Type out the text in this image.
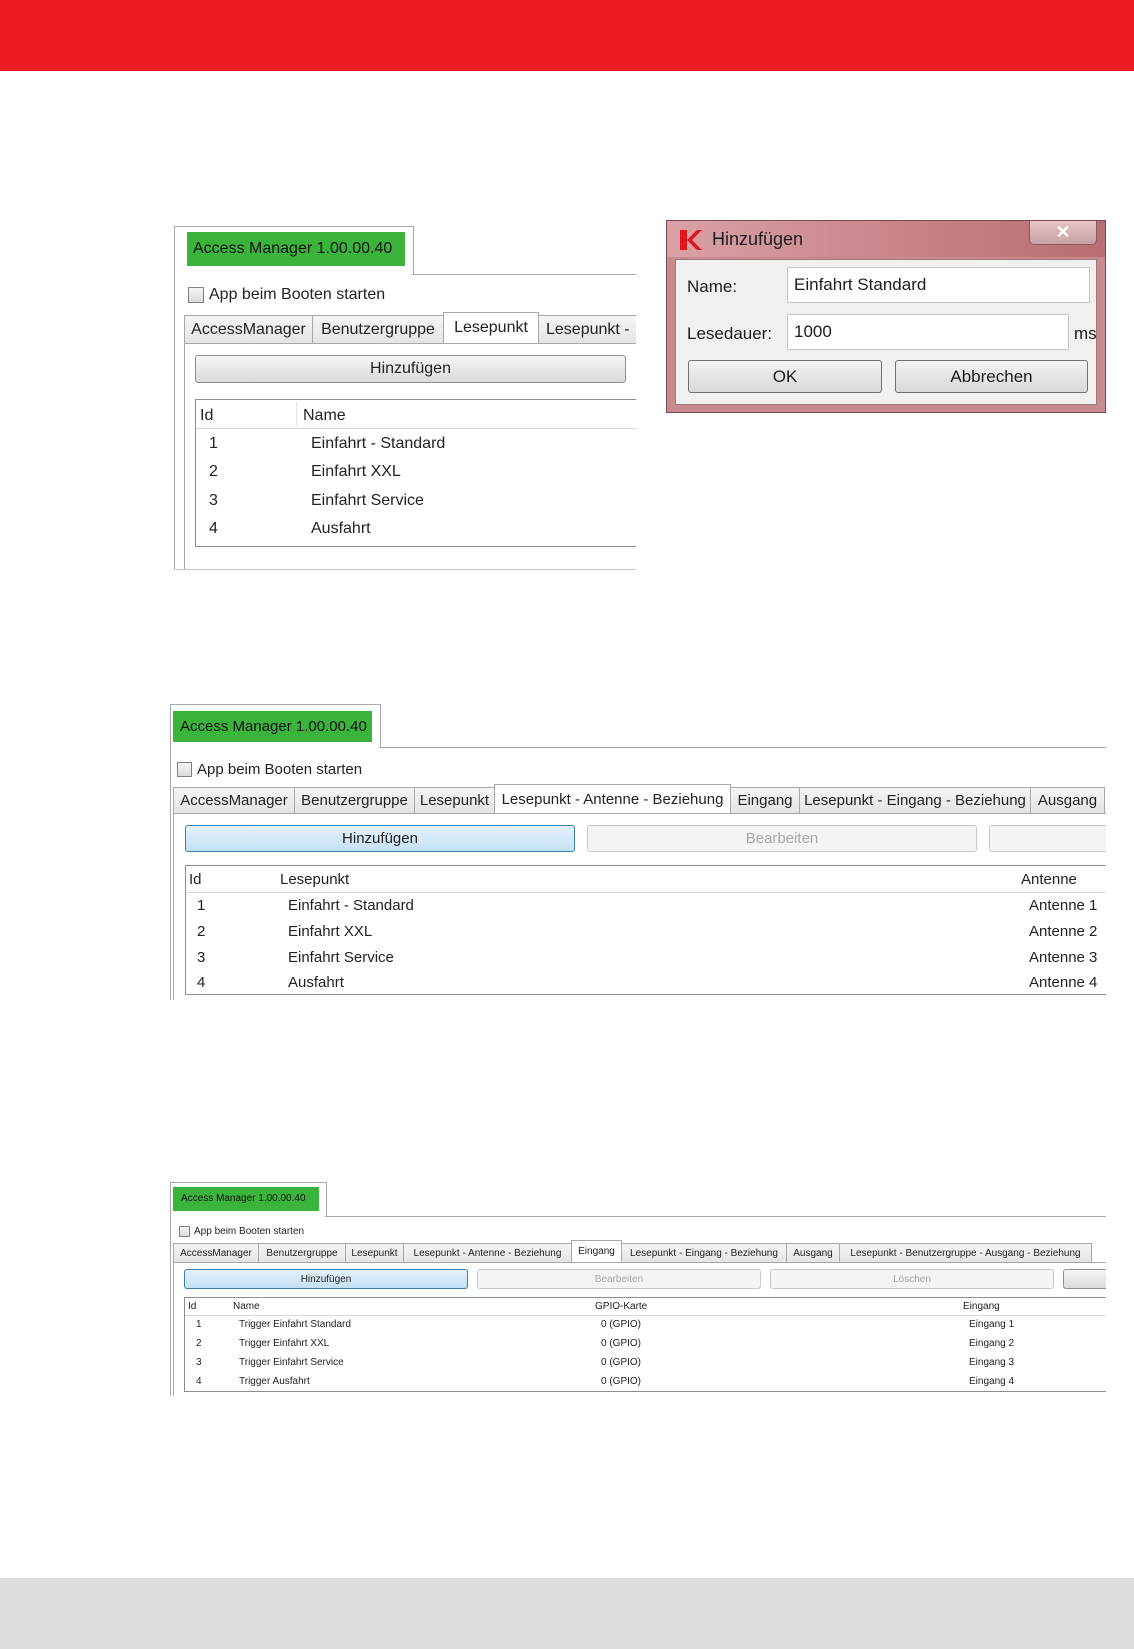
Access Manager 1.00.00.40
App beim Booten starten
AccessManager Benutzergruppe	Lesepunkt	Lesepunkt -
Hinzufügen
Id	Name
1	Einfahrt - Standard
2	Einfahrt XXL
3	Einfahrt Service
4	Ausfahrt
Hinzufügen	✕
Name:	Einfahrt Standard
Lesedauer:	1000	ms
OK	Abbrechen
Access Manager 1.00.00.40
App beim Booten starten
AccessManager Benutzergruppe Lesepunkt Lesepunkt - Antenne - Beziehung Eingang Lesepunkt - Eingang - Beziehung Ausgang
Hinzufügen	Bearbeiten
Id	Lesepunkt	Antenne
1	Einfahrt - Standard	Antenne 1
2	Einfahrt XXL	Antenne 2
3	Einfahrt Service	Antenne 3
4	Ausfahrt	Antenne 4
Access Manager 1.00.00.40
App beim Booten starten
AccessManager	Benutzergruppe	Lesepunkt	Lesepunkt - Antenne - Beziehung	Eingang	Lesepunkt - Eingang - Beziehung	Ausgang	Lesepunkt - Benutzergruppe - Ausgang - Beziehung
Hinzufügen	Bearbeiten	Löschen
Id	Name	GPIO-Karte	Eingang
1	Trigger Einfahrt Standard	0 (GPIO)	Eingang 1
2	Trigger Einfahrt XXL	0 (GPIO)	Eingang 2
3	Trigger Einfahrt Service	0 (GPIO)	Eingang 3
4	Trigger Ausfahrt	0 (GPIO)	Eingang 4
